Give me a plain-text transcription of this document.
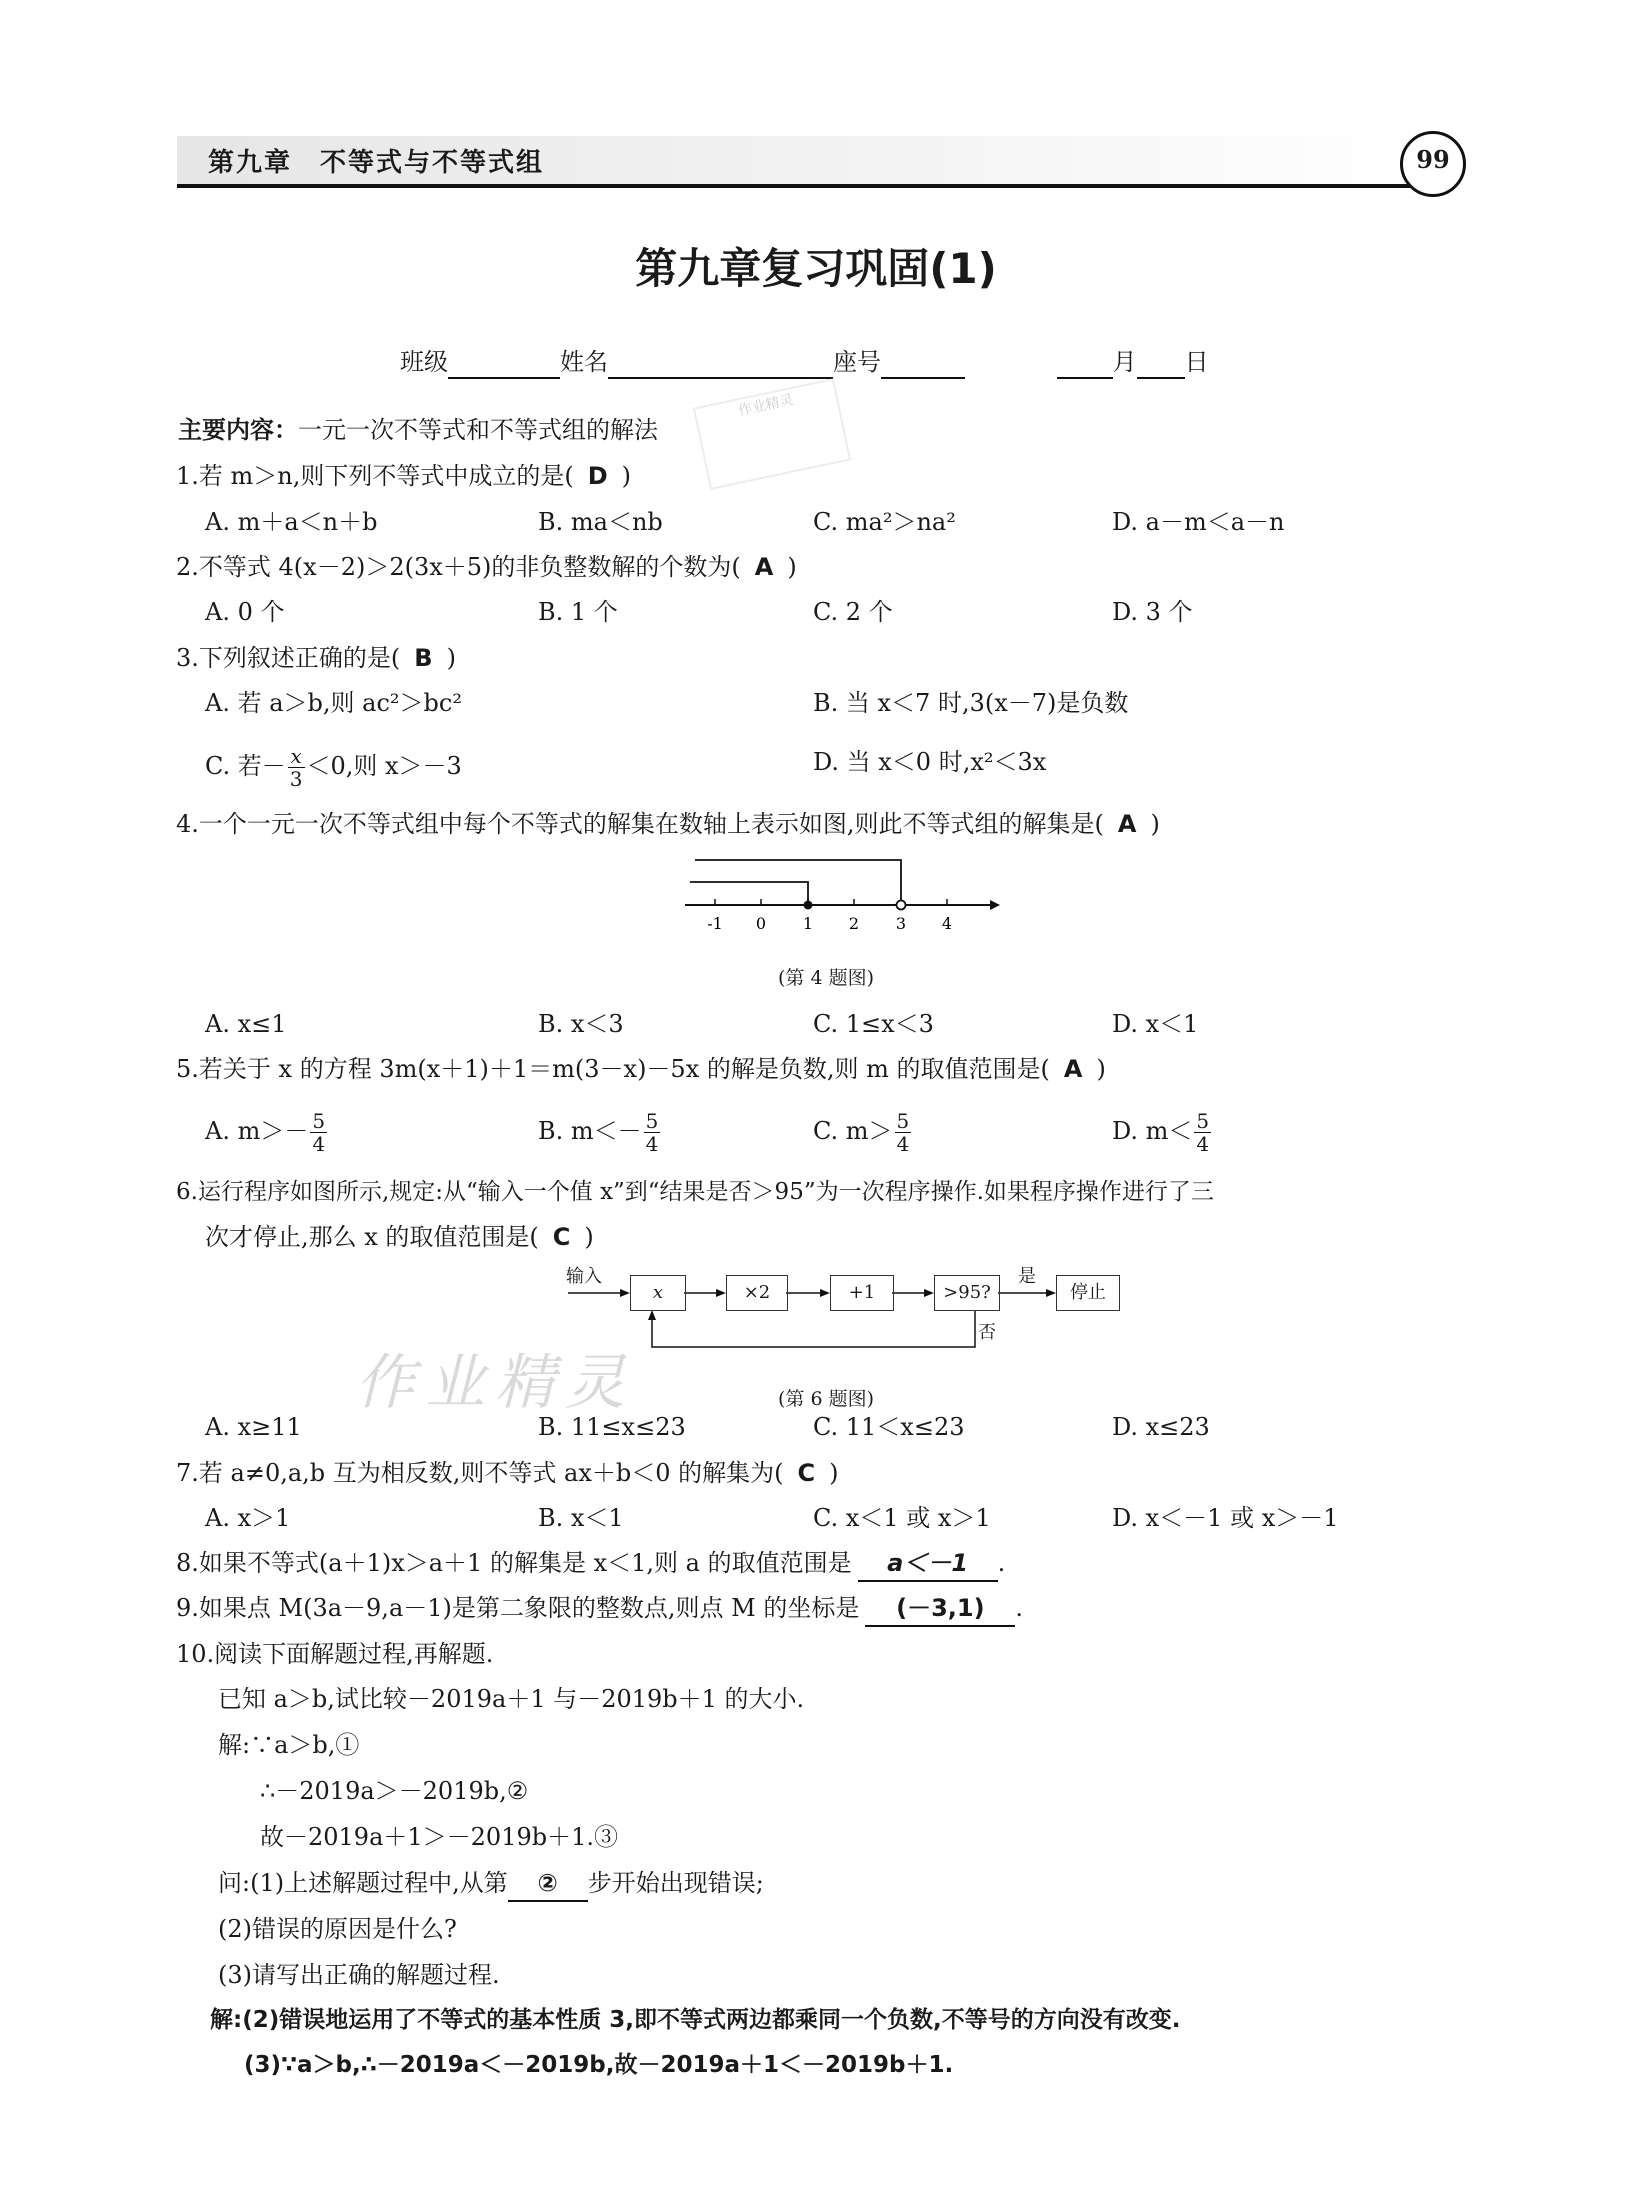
第九章　不等式与不等式组	99
第九章复习巩固(1)
班级	姓名	座号	月 日
作业精灵
主要内容：一元一次不等式和不等式组的解法
1.若 m＞n,则下列不等式中成立的是( D )
A. m＋a＜n＋b	B. ma＜nb	C. ma²＞na²	D. a－m＜a－n
2.不等式 4(x－2)＞2(3x＋5)的非负整数解的个数为( A )
A. 0 个	B. 1 个	C. 2 个	D. 3 个
3.下列叙述正确的是( B )
A. 若 a＞b,则 ac²＞bc²	B. 当 x＜7 时,3(x－7)是负数
C. 若－ $\frac{x}{3} <0$,则 x＞－3	D. 当 x＜0 时,x²＜3x
4.一个一元一次不等式组中每个不等式的解集在数轴上表示如图,则此不等式组的解集是( A )
-1 0 1 2 3 4
(第 4 题图)
A. x≤1	B. x＜3	C. 1≤x＜3	D. x＜1
5.若关于 x 的方程 3m(x＋1)＋1＝m(3－x)－5x 的解是负数,则 m 的取值范围是( A )
A. $m>- \frac{5}{4}$	B. $m<- \frac{5}{4}$	C. $m> \frac{5}{4}$	D. $m< \frac{5}{4}$
6.运行程序如图所示,规定:从“输入一个值 x”到“结果是否＞95”为一次程序操作.如果程序操作进行了三
次才停止,那么 x 的取值范围是( C )
x	×2	+1	>95?	停止
输入	是
否
作业精灵	(第 6 题图)
A. x≥11	B. 11≤x≤23	C. 11＜x≤23	D. x≤23
7.若 a≠0,a,b 互为相反数,则不等式 ax＋b＜0 的解集为( C )
A. x＞1	B. x＜1	C. x＜1 或 x＞1	D. x＜－1 或 x＞－1
8.如果不等式(a＋1)x＞a＋1 的解集是 x＜1,则 a 的取值范围是 a＜－1 .
9.如果点 M(3a－9,a－1)是第二象限的整数点,则点 M 的坐标是 (－3,1) .
10.阅读下面解题过程,再解题.
已知 a＞b,试比较－2019a＋1 与－2019b＋1 的大小.
解:∵a＞b,①
∴－2019a＞－2019b,②
故－2019a＋1＞－2019b＋1.③
问:(1)上述解题过程中,从第 ② 步开始出现错误;
(2)错误的原因是什么?
(3)请写出正确的解题过程.
解:(2)错误地运用了不等式的基本性质 3,即不等式两边都乘同一个负数,不等号的方向没有改变.
(3)∵a＞b,∴－2019a＜－2019b,故－2019a＋1＜－2019b＋1.
